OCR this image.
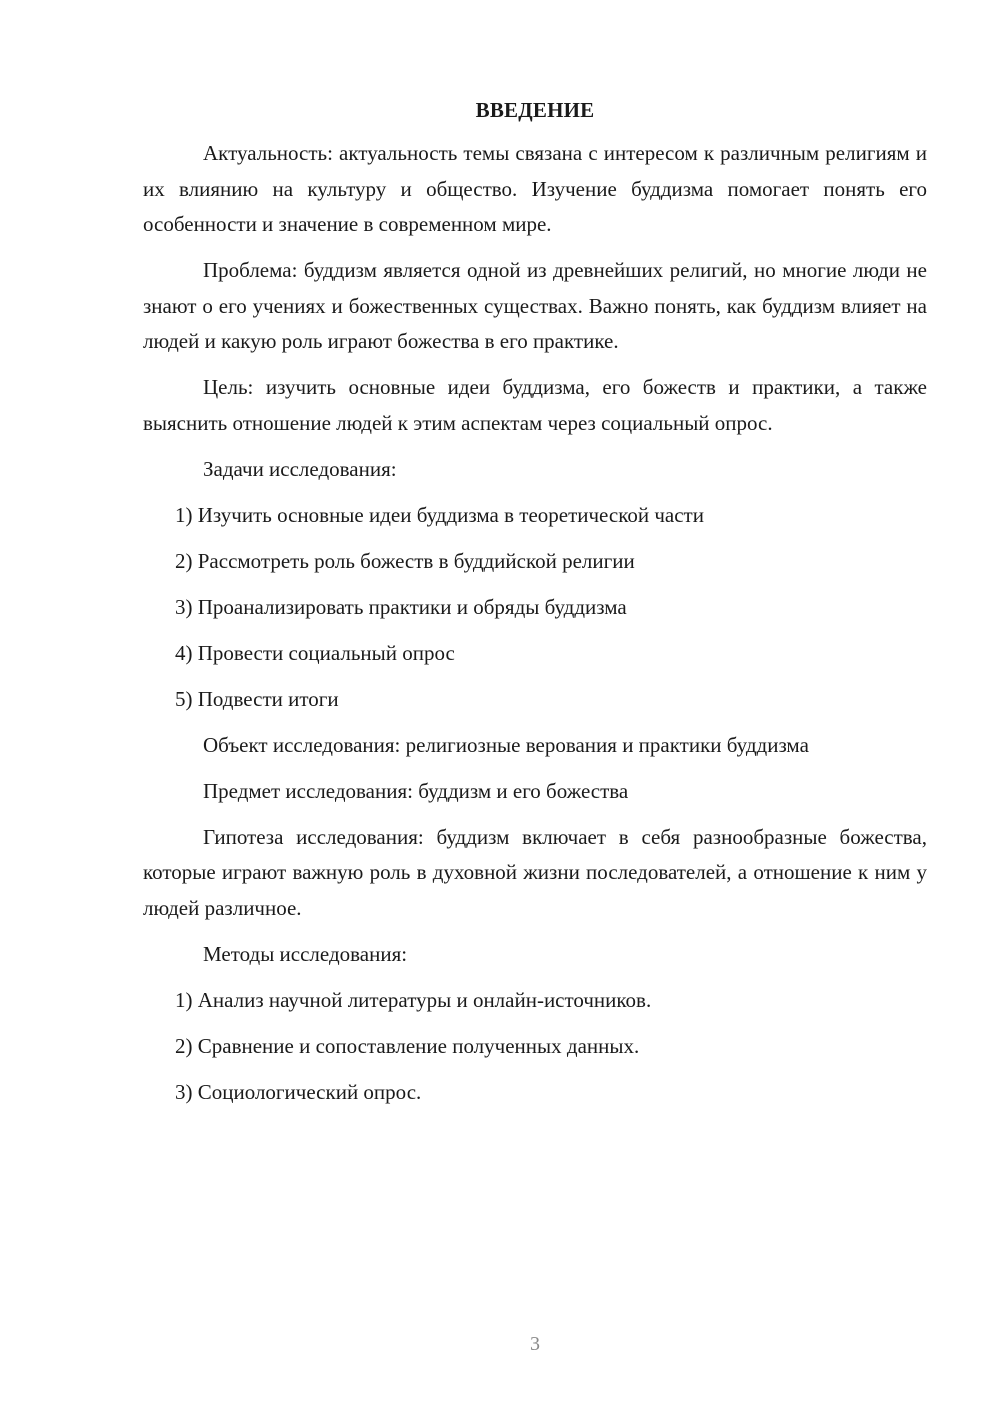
ВВЕДЕНИЕ

Актуальность: актуальность темы связана с интересом к различным религиям и их влиянию на культуру и общество. Изучение буддизма помогает понять его особенности и значение в современном мире.

Проблема: буддизм является одной из древнейших религий, но многие люди не знают о его учениях и божественных существах. Важно понять, как буддизм влияет на людей и какую роль играют божества в его практике.

Цель: изучить основные идеи буддизма, его божеств и практики, а также выяснить отношение людей к этим аспектам через социальный опрос.

Задачи исследования:

1) Изучить основные идеи буддизма в теоретической части

2) Рассмотреть роль божеств в буддийской религии

3) Проанализировать практики и обряды буддизма

4) Провести социальный опрос

5) Подвести итоги

Объект исследования: религиозные верования и практики буддизма

Предмет исследования: буддизм и его божества

Гипотеза исследования: буддизм включает в себя разнообразные божества, которые играют важную роль в духовной жизни последователей, а отношение к ним у людей различное.

Методы исследования:

1) Анализ научной литературы и онлайн-источников.

2) Сравнение и сопоставление полученных данных.

3) Социологический опрос.

3
